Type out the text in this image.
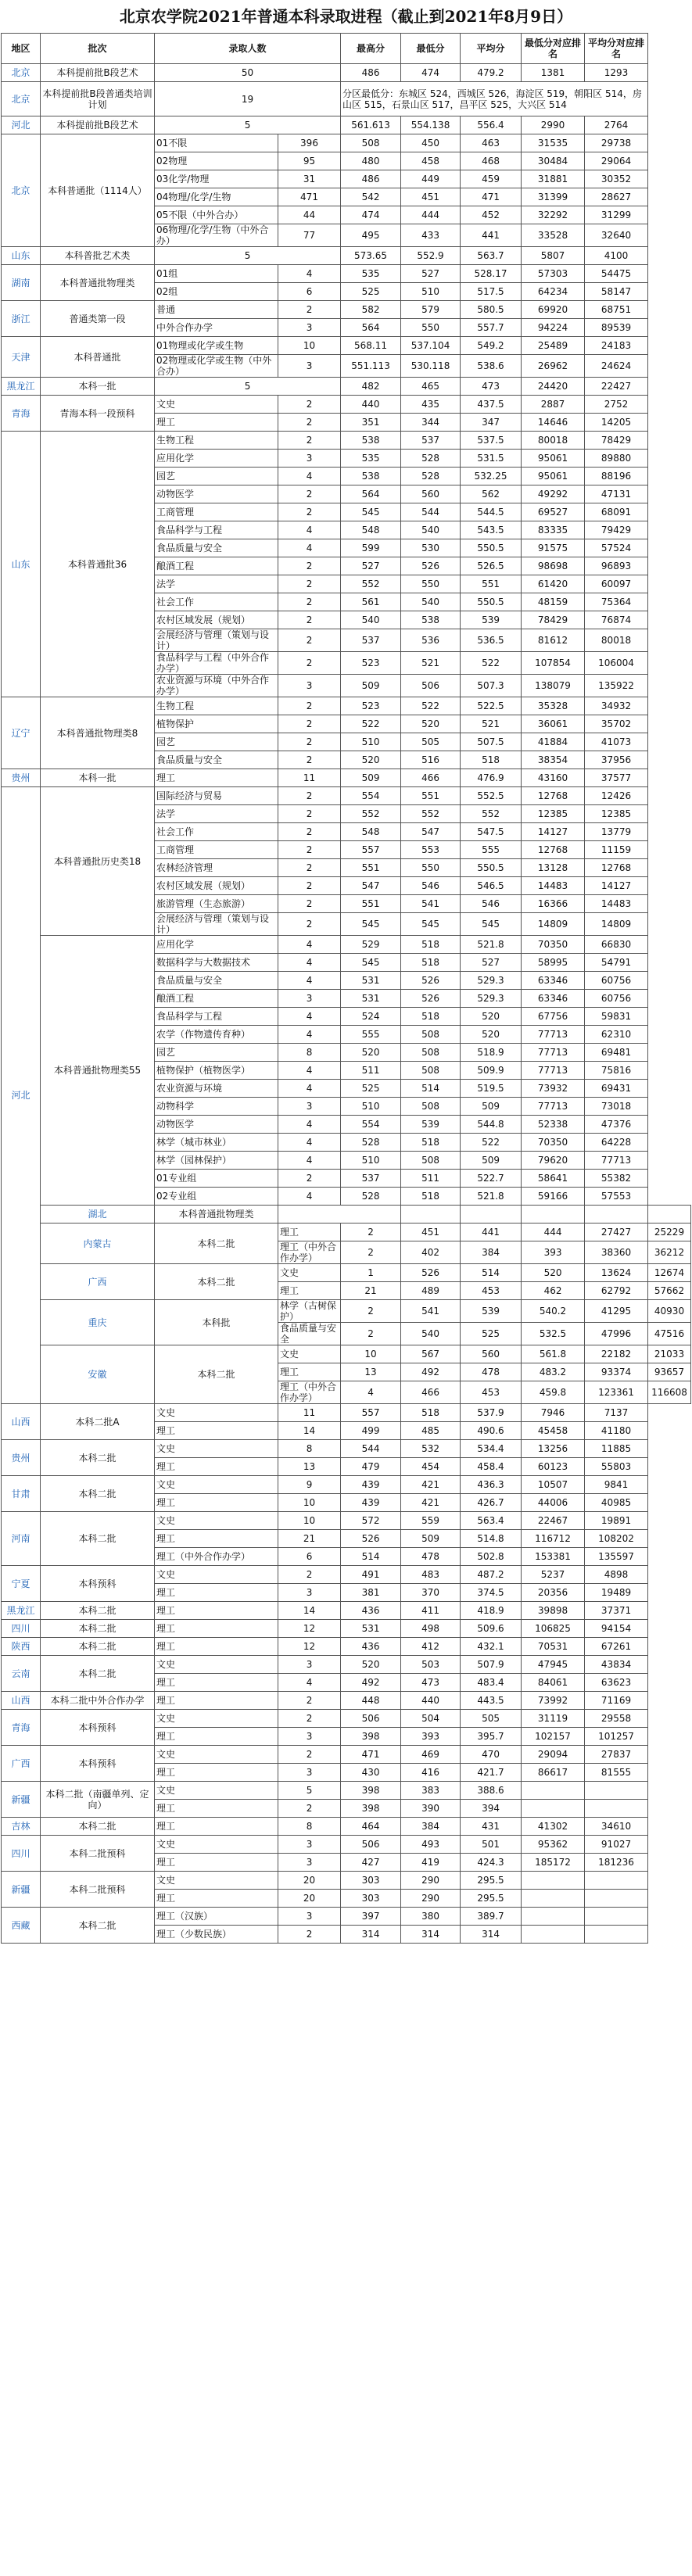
北京农学院2021年普通本科录取进程（截止到2021年8月9日）
地区	批次	录取人数		最高分	最低分	平均分	最低分对应排名	平均分对应排名	
北京	本科提前批B段艺术	50		486	474	479.2	1381	1293	
北京	本科提前批B段普通类培训计划	19		分区最低分：东城区 524，西城区 526，海淀区 519，朝阳区 514，房山区 515，石景山区 517，昌平区 525，大兴区 514					
河北	本科提前批B段艺术	5		561.613	554.138	556.4	2990	2764	
北京	本科普通批（1114人）	01不限	396	508	450	463	31535	29738	
		02物理	95	480	458	468	30484	29064	
		03化学/物理	31	486	449	459	31881	30352	
		04物理/化学/生物	471	542	451	471	31399	28627	
		05不限（中外合办）	44	474	444	452	32292	31299	
		06物理/化学/生物（中外合办）	77	495	433	441	33528	32640	
山东	本科普批艺术类	5		573.65	552.9	563.7	5807	4100	
湖南	本科普通批物理类	01组	4	535	527	528.17	57303	54475	
		02组	6	525	510	517.5	64234	58147	
浙江	普通类第一段	普通	2	582	579	580.5	69920	68751	
		中外合作办学	3	564	550	557.7	94224	89539	
天津	本科普通批	01物理或化学或生物	10	568.11	537.104	549.2	25489	24183	
		02物理或化学或生物（中外合办）	3	551.113	530.118	538.6	26962	24624	
黑龙江	本科一批	5		482	465	473	24420	22427	
青海	青海本科一段预科	文史	2	440	435	437.5	2887	2752	
		理工	2	351	344	347	14646	14205	
山东	本科普通批36	生物工程	2	538	537	537.5	80018	78429	
		应用化学	3	535	528	531.5	95061	89880	
		园艺	4	538	528	532.25	95061	88196	
		动物医学	2	564	560	562	49292	47131	
		工商管理	2	545	544	544.5	69527	68091	
		食品科学与工程	4	548	540	543.5	83335	79429	
		食品质量与安全	4	599	530	550.5	91575	57524	
		酿酒工程	2	527	526	526.5	98698	96893	
		法学	2	552	550	551	61420	60097	
		社会工作	2	561	540	550.5	48159	75364	
		农村区域发展（规划）	2	540	538	539	78429	76874	
		会展经济与管理（策划与设计）	2	537	536	536.5	81612	80018	
		食品科学与工程（中外合作办学）	2	523	521	522	107854	106004	
		农业资源与环境（中外合作办学）	3	509	506	507.3	138079	135922	
辽宁	本科普通批物理类8	生物工程	2	523	522	522.5	35328	34932	
		植物保护	2	522	520	521	36061	35702	
		园艺	2	510	505	507.5	41884	41073	
		食品质量与安全	2	520	516	518	38354	37956	
贵州	本科一批	理工	11	509	466	476.9	43160	37577	
河北	本科普通批历史类18	国际经济与贸易	2	554	551	552.5	12768	12426	
		法学	2	552	552	552	12385	12385	
		社会工作	2	548	547	547.5	14127	13779	
		工商管理	2	557	553	555	12768	11159	
		农林经济管理	2	551	550	550.5	13128	12768	
		农村区域发展（规划）	2	547	546	546.5	14483	14127	
		旅游管理（生态旅游）	2	551	541	546	16366	14483	
		会展经济与管理（策划与设计）	2	545	545	545	14809	14809	
	本科普通批物理类55	应用化学	4	529	518	521.8	70350	66830	
		数据科学与大数据技术	4	545	518	527	58995	54791	
		食品质量与安全	4	531	526	529.3	63346	60756	
		酿酒工程	3	531	526	529.3	63346	60756	
		食品科学与工程	4	524	518	520	67756	59831	
		农学（作物遗传育种）	4	555	508	520	77713	62310	
		园艺	8	520	508	518.9	77713	69481	
		植物保护（植物医学）	4	511	508	509.9	77713	75816	
		农业资源与环境	4	525	514	519.5	73932	69431	
		动物科学	3	510	508	509	77713	73018	
		动物医学	4	554	539	544.8	52338	47376	
		林学（城市林业）	4	528	518	522	70350	64228	
		林学（园林保护）	4	510	508	509	79620	77713	
		01专业组	2	537	511	522.7	58641	55382	
		02专业组	4	528	518	521.8	59166	57553	
	湖北	本科普通批物理类							
	内蒙古	本科二批	理工	2	451	441	444	27427	25229
			理工（中外合作办学）	2	402	384	393	38360	36212
	广西	本科二批	文史	1	526	514	520	13624	12674
			理工	21	489	453	462	62792	57662
	重庆	本科批	林学（古树保护）	2	541	539	540.2	41295	40930
			食品质量与安全	2	540	525	532.5	47996	47516
	安徽	本科二批	文史	10	567	560	561.8	22182	21033
			理工	13	492	478	483.2	93374	93657
			理工（中外合作办学）	4	466	453	459.8	123361	116608
山西	本科二批A	文史	11	557	518	537.9	7946	7137	
		理工	14	499	485	490.6	45458	41180	
贵州	本科二批	文史	8	544	532	534.4	13256	11885	
		理工	13	479	454	458.4	60123	55803	
甘肃	本科二批	文史	9	439	421	436.3	10507	9841	
		理工	10	439	421	426.7	44006	40985	
河南	本科二批	文史	10	572	559	563.4	22467	19891	
		理工	21	526	509	514.8	116712	108202	
		理工（中外合作办学）	6	514	478	502.8	153381	135597	
宁夏	本科预科	文史	2	491	483	487.2	5237	4898	
		理工	3	381	370	374.5	20356	19489	
黑龙江	本科二批	理工	14	436	411	418.9	39898	37371	
四川	本科二批	理工	12	531	498	509.6	106825	94154	
陕西	本科二批	理工	12	436	412	432.1	70531	67261	
云南	本科二批	文史	3	520	503	507.9	47945	43834	
		理工	4	492	473	483.4	84061	63623	
山西	本科二批中外合作办学	理工	2	448	440	443.5	73992	71169	
青海	本科预科	文史	2	506	504	505	31119	29558	
		理工	3	398	393	395.7	102157	101257	
广西	本科预科	文史	2	471	469	470	29094	27837	
		理工	3	430	416	421.7	86617	81555	
新疆	本科二批（南疆单列、定向）	文史	5	398	383	388.6			
		理工	2	398	390	394			
吉林	本科二批	理工	8	464	384	431	41302	34610	
四川	本科二批预科	文史	3	506	493	501	95362	91027	
		理工	3	427	419	424.3	185172	181236	
新疆	本科二批预科	文史	20	303	290	295.5			
		理工	20	303	290	295.5			
西藏	本科二批	理工（汉族）	3	397	380	389.7			
		理工（少数民族）	2	314	314	314			
